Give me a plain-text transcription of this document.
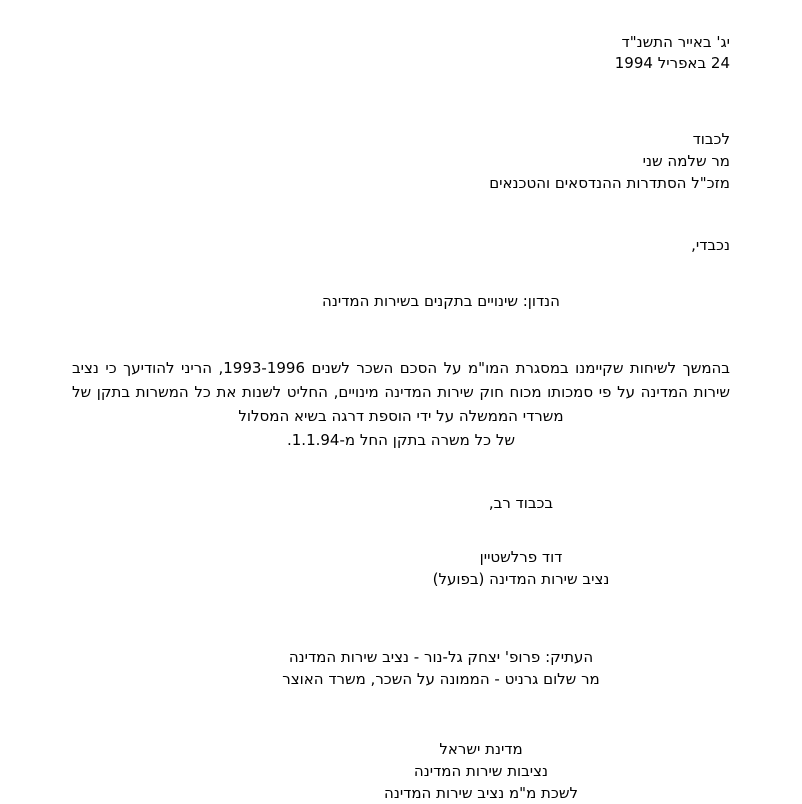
יג' באייר התשנ"ד
24 באפריל 1994
לכבוד
מר שלמה שני
מזכ"ל הסתדרות ההנדסאים והטכנאים
נכבדי,
הנדון: שינויים בתקנים בשירות המדינה

בהמשך לשיחות שקיימנו במסגרת המו"מ על הסכם השכר לשנים 1993-1996, הריני להודיעך כי נציב שירות המדינה על פי סמכותו מכוח חוק שירות המדינה מינויים, החליט לשנות את כל המשרות בתקן של משרדי הממשלה על ידי הוספת דרגה בשיא המסלול

של כל משרה בתקן החל מ-1.1.94.

בכבוד רב,
דוד פרלשטיין
נציב שירות המדינה (בפועל)
העתיק: פרופ' יצחק גל-נור - נציב שירות המדינה
מר שלום גרניט - הממונה על השכר, משרד האוצר
מדינת ישראל
נציבות שירות המדינה
לשכת מ"מ נציב שירות המדינה
